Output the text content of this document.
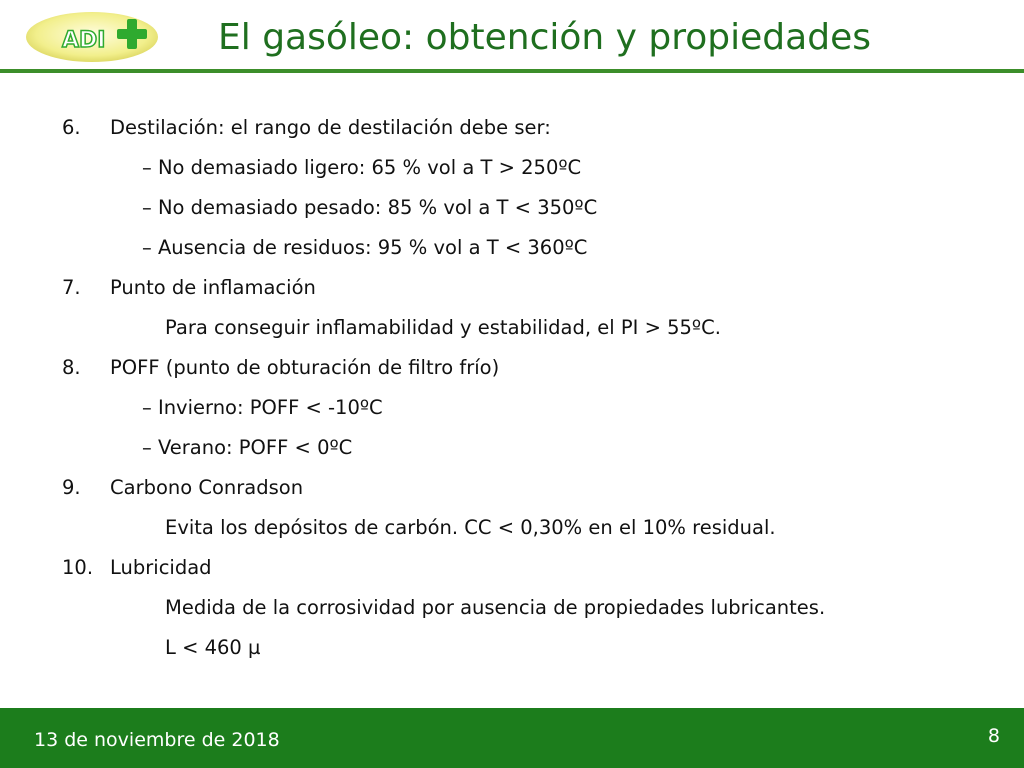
ADI	El gasóleo: obtención y propiedades
6. Destilación: el rango de destilación debe ser:
– No demasiado ligero: 65 % vol a T > 250ºC
– No demasiado pesado: 85 % vol a T < 350ºC
– Ausencia de residuos: 95 % vol a T < 360ºC
7. Punto de inflamación
Para conseguir inflamabilidad y estabilidad, el PI > 55ºC.
8. POFF (punto de obturación de filtro frío)
– Invierno: POFF < -10ºC
– Verano: POFF < 0ºC
9. Carbono Conradson
Evita los depósitos de carbón. CC < 0,30% en el 10% residual.
10. Lubricidad
Medida de la corrosividad por ausencia de propiedades lubricantes.
L < 460 µ
13 de noviembre de 2018	8
